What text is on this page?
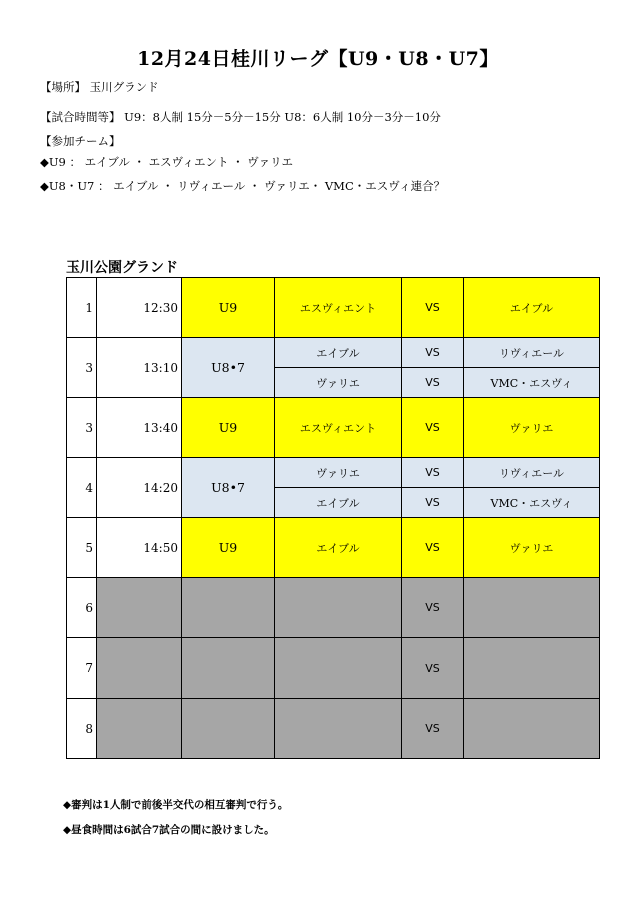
12月24日桂川リーグ【U9・U8・U7】
【場所】 玉川グランド
【試合時間等】 U9：8人制 15分－5分－15分 U8：6人制 10分－3分－10分
【参加チーム】
◆U9 ： エイブル ・ エスヴィエント ・ ヴァリエ
◆U8・U7 ： エイブル ・ リヴィエール ・ ヴァリエ・ VMC・エスヴィ連合？
玉川公園グランド
1	12:30	U9	エスヴィエント	VS	エイブル
3	13:10	U8•7	エイブル	VS	リヴィエール
			ヴァリエ	VS	VMC・エスヴィ
3	13:40	U9	エスヴィエント	VS	ヴァリエ
4	14:20	U8•7	ヴァリエ	VS	リヴィエール
			エイブル	VS	VMC・エスヴィ
5	14:50	U9	エイブル	VS	ヴァリエ
6				VS	
7				VS	
8				VS	
◆審判は1人制で前後半交代の相互審判で行う。
◆昼食時間は6試合7試合の間に設けました。
